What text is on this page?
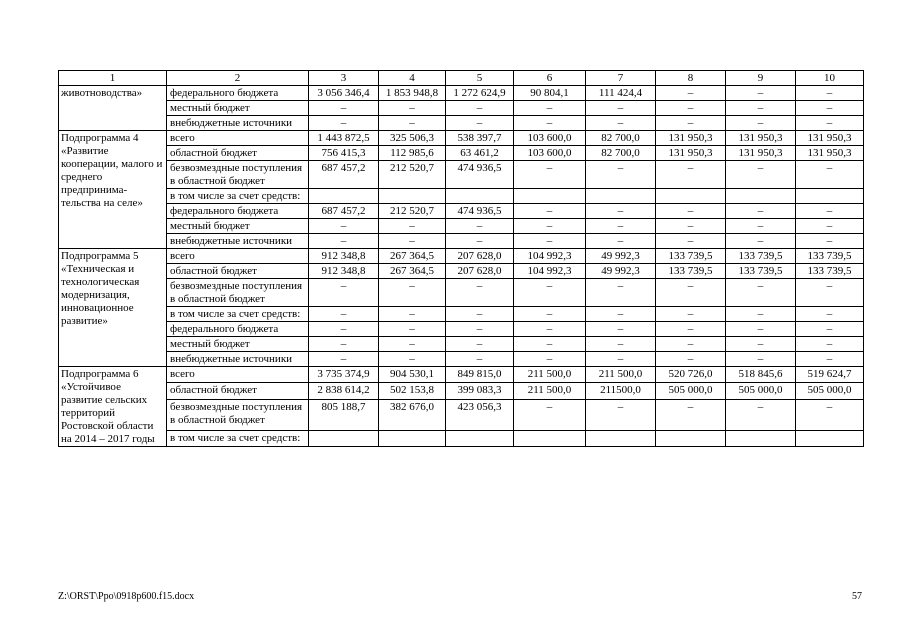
1	2	3	4	5	6	7	8	9	10
животноводства»	федерального бюджета	3 056 346,4	1 853 948,8	1 272 624,9	90 804,1	111 424,4	–	–	–
	местный бюджет	–	–	–	–	–	–	–	–
	внебюджетные источники	–	–	–	–	–	–	–	–
Подпрограмма 4 «Развитие кооперации, малого и среднего предпринима-тельства на селе»	всего	1 443 872,5	325 506,3	538 397,7	103 600,0	82 700,0	131 950,3	131 950,3	131 950,3
	областной бюджет	756 415,3	112 985,6	63 461,2	103 600,0	82 700,0	131 950,3	131 950,3	131 950,3
	безвозмездные поступления в областной бюджет	687 457,2	212 520,7	474 936,5	–	–	–	–	–
	в том числе за счет средств:								
	федерального бюджета	687 457,2	212 520,7	474 936,5	–	–	–	–	–
	местный бюджет	–	–	–	–	–	–	–	–
	внебюджетные источники	–	–	–	–	–	–	–	–
Подпрограмма 5 «Техническая и технологическая модернизация, инновационное развитие»	всего	912 348,8	267 364,5	207 628,0	104 992,3	49 992,3	133 739,5	133 739,5	133 739,5
	областной бюджет	912 348,8	267 364,5	207 628,0	104 992,3	49 992,3	133 739,5	133 739,5	133 739,5
	безвозмездные поступления в областной бюджет	–	–	–	–	–	–	–	–
	в том числе за счет средств:	–	–	–	–	–	–	–	–
	федерального бюджета	–	–	–	–	–	–	–	–
	местный бюджет	–	–	–	–	–	–	–	–
	внебюджетные источники	–	–	–	–	–	–	–	–
Подпрограмма 6 «Устойчивое развитие сельских территорий Ростовской области на 2014 – 2017 годы	всего	3 735 374,9	904 530,1	849 815,0	211 500,0	211 500,0	520 726,0	518 845,6	519 624,7
	областной бюджет	2 838 614,2	502 153,8	399 083,3	211 500,0	211500,0	505 000,0	505 000,0	505 000,0
	безвозмездные поступления в областной бюджет	805 188,7	382 676,0	423 056,3	–	–	–	–	–
	в том числе за счет средств:								
Z:\ORST\Ppo\0918p600.f15.docx	57
